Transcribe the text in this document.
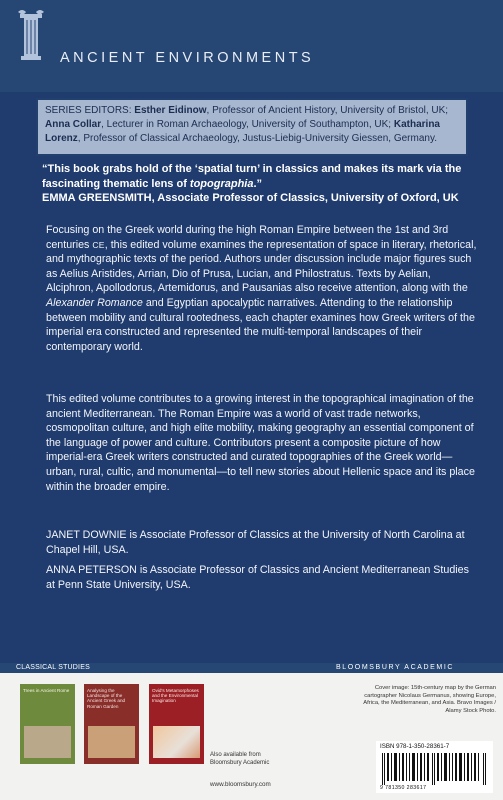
ANCIENT ENVIRONMENTS
SERIES EDITORS: Esther Eidinow, Professor of Ancient History, University of Bristol, UK; Anna Collar, Lecturer in Roman Archaeology, University of Southampton, UK; Katharina Lorenz, Professor of Classical Archaeology, Justus-Liebig-University Giessen, Germany.
“This book grabs hold of the ‘spatial turn’ in classics and makes its mark via the fascinating thematic lens of topographia.”
EMMA GREENSMITH, Associate Professor of Classics, University of Oxford, UK
Focusing on the Greek world during the high Roman Empire between the 1st and 3rd centuries CE, this edited volume examines the representation of space in literary, rhetorical, and mythographic texts of the period. Authors under discussion include major figures such as Aelius Aristides, Arrian, Dio of Prusa, Lucian, and Philostratus. Texts by Aelian, Alciphron, Apollodorus, Artemidorus, and Pausanias also receive attention, along with the Alexander Romance and Egyptian apocalyptic narratives. Attending to the relationship between mobility and cultural rootedness, each chapter examines how Greek writers of the imperial era constructed and represented the multi-temporal landscapes of their contemporary world.
This edited volume contributes to a growing interest in the topographical imagination of the ancient Mediterranean. The Roman Empire was a world of vast trade networks, cosmopolitan culture, and high elite mobility, making geography an essential component of the language of power and culture. Contributors present a composite picture of how imperial-era Greek writers constructed and curated topographies of the Greek world—urban, rural, cultic, and monumental—to tell new stories about Hellenic space and its place within the broader empire.
JANET DOWNIE is Associate Professor of Classics at the University of North Carolina at Chapel Hill, USA.
ANNA PETERSON is Associate Professor of Classics and Ancient Mediterranean Studies at Penn State University, USA.
CLASSICAL STUDIES	BLOOMSBURY ACADEMIC
Trees in Ancient Rome	Analysing the Landscape of the Ancient Greek and Roman Garden
Ovid's Metamorphoses and the Environmental Imagination
Also available from
Bloomsbury Academic
www.bloomsbury.com
Cover image: 15th-century map by the German cartographer Nicolaus Germanus, showing Europe, Africa, the Mediterranean, and Asia. Bravo Images / Alamy Stock Photo.
ISBN 978-1-350-28361-7
9 781350 283617
